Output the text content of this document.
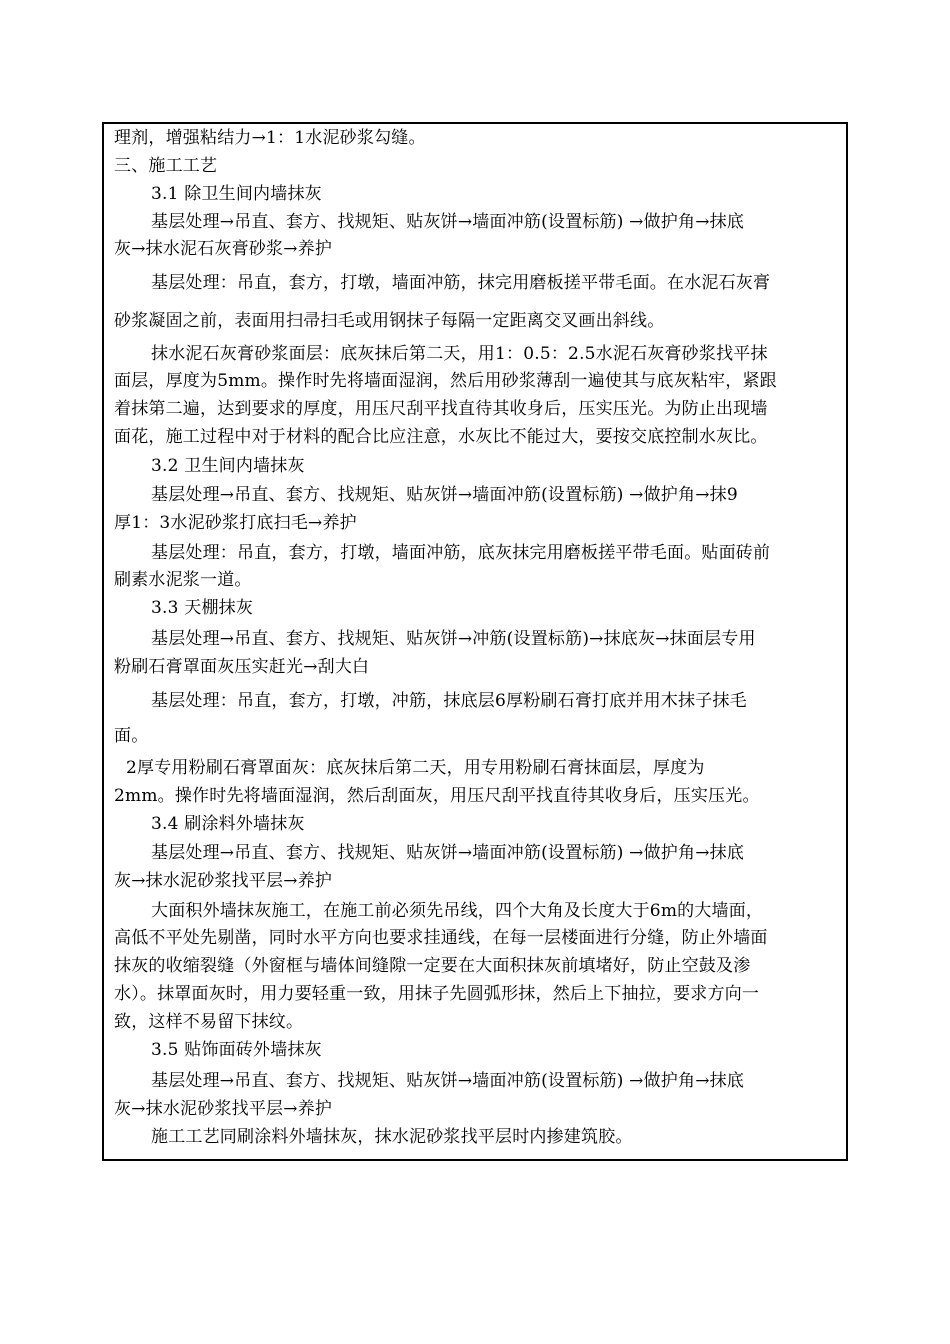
理剂，增强粘结力→1：1水泥砂浆勾缝。
三、施工工艺
3.1 除卫生间内墙抹灰
基层处理→吊直、套方、找规矩、贴灰饼→墙面冲筋(设置标筋) →做护角→抹底
灰→抹水泥石灰膏砂浆→养护
基层处理：吊直，套方，打墩，墙面冲筋，抹完用磨板搓平带毛面。在水泥石灰膏
砂浆凝固之前，表面用扫帚扫毛或用钢抹子每隔一定距离交叉画出斜线。
抹水泥石灰膏砂浆面层：底灰抹后第二天，用1：0.5：2.5水泥石灰膏砂浆找平抹
面层，厚度为5mm。操作时先将墙面湿润，然后用砂浆薄刮一遍使其与底灰粘牢，紧跟
着抹第二遍，达到要求的厚度，用压尺刮平找直待其收身后，压实压光。为防止出现墙
面花，施工过程中对于材料的配合比应注意，水灰比不能过大，要按交底控制水灰比。
3.2 卫生间内墙抹灰
基层处理→吊直、套方、找规矩、贴灰饼→墙面冲筋(设置标筋) →做护角→抹9
厚1：3水泥砂浆打底扫毛→养护
基层处理：吊直，套方，打墩，墙面冲筋，底灰抹完用磨板搓平带毛面。贴面砖前
刷素水泥浆一道。
3.3 天棚抹灰
基层处理→吊直、套方、找规矩、贴灰饼→冲筋(设置标筋)→抹底灰→抹面层专用
粉刷石膏罩面灰压实赶光→刮大白
基层处理：吊直，套方，打墩，冲筋，抹底层6厚粉刷石膏打底并用木抹子抹毛
面。
2厚专用粉刷石膏罩面灰：底灰抹后第二天，用专用粉刷石膏抹面层，厚度为
2mm。操作时先将墙面湿润，然后刮面灰，用压尺刮平找直待其收身后，压实压光。
3.4 刷涂料外墙抹灰
基层处理→吊直、套方、找规矩、贴灰饼→墙面冲筋(设置标筋) →做护角→抹底
灰→抹水泥砂浆找平层→养护
大面积外墙抹灰施工，在施工前必须先吊线，四个大角及长度大于6m的大墙面，
高低不平处先剔凿，同时水平方向也要求挂通线，在每一层楼面进行分缝，防止外墙面
抹灰的收缩裂缝（外窗框与墙体间缝隙一定要在大面积抹灰前填堵好，防止空鼓及渗
水）。抹罩面灰时，用力要轻重一致，用抹子先圆弧形抹，然后上下抽拉，要求方向一
致，这样不易留下抹纹。
3.5 贴饰面砖外墙抹灰
基层处理→吊直、套方、找规矩、贴灰饼→墙面冲筋(设置标筋) →做护角→抹底
灰→抹水泥砂浆找平层→养护
施工工艺同刷涂料外墙抹灰，抹水泥砂浆找平层时内掺建筑胶。
